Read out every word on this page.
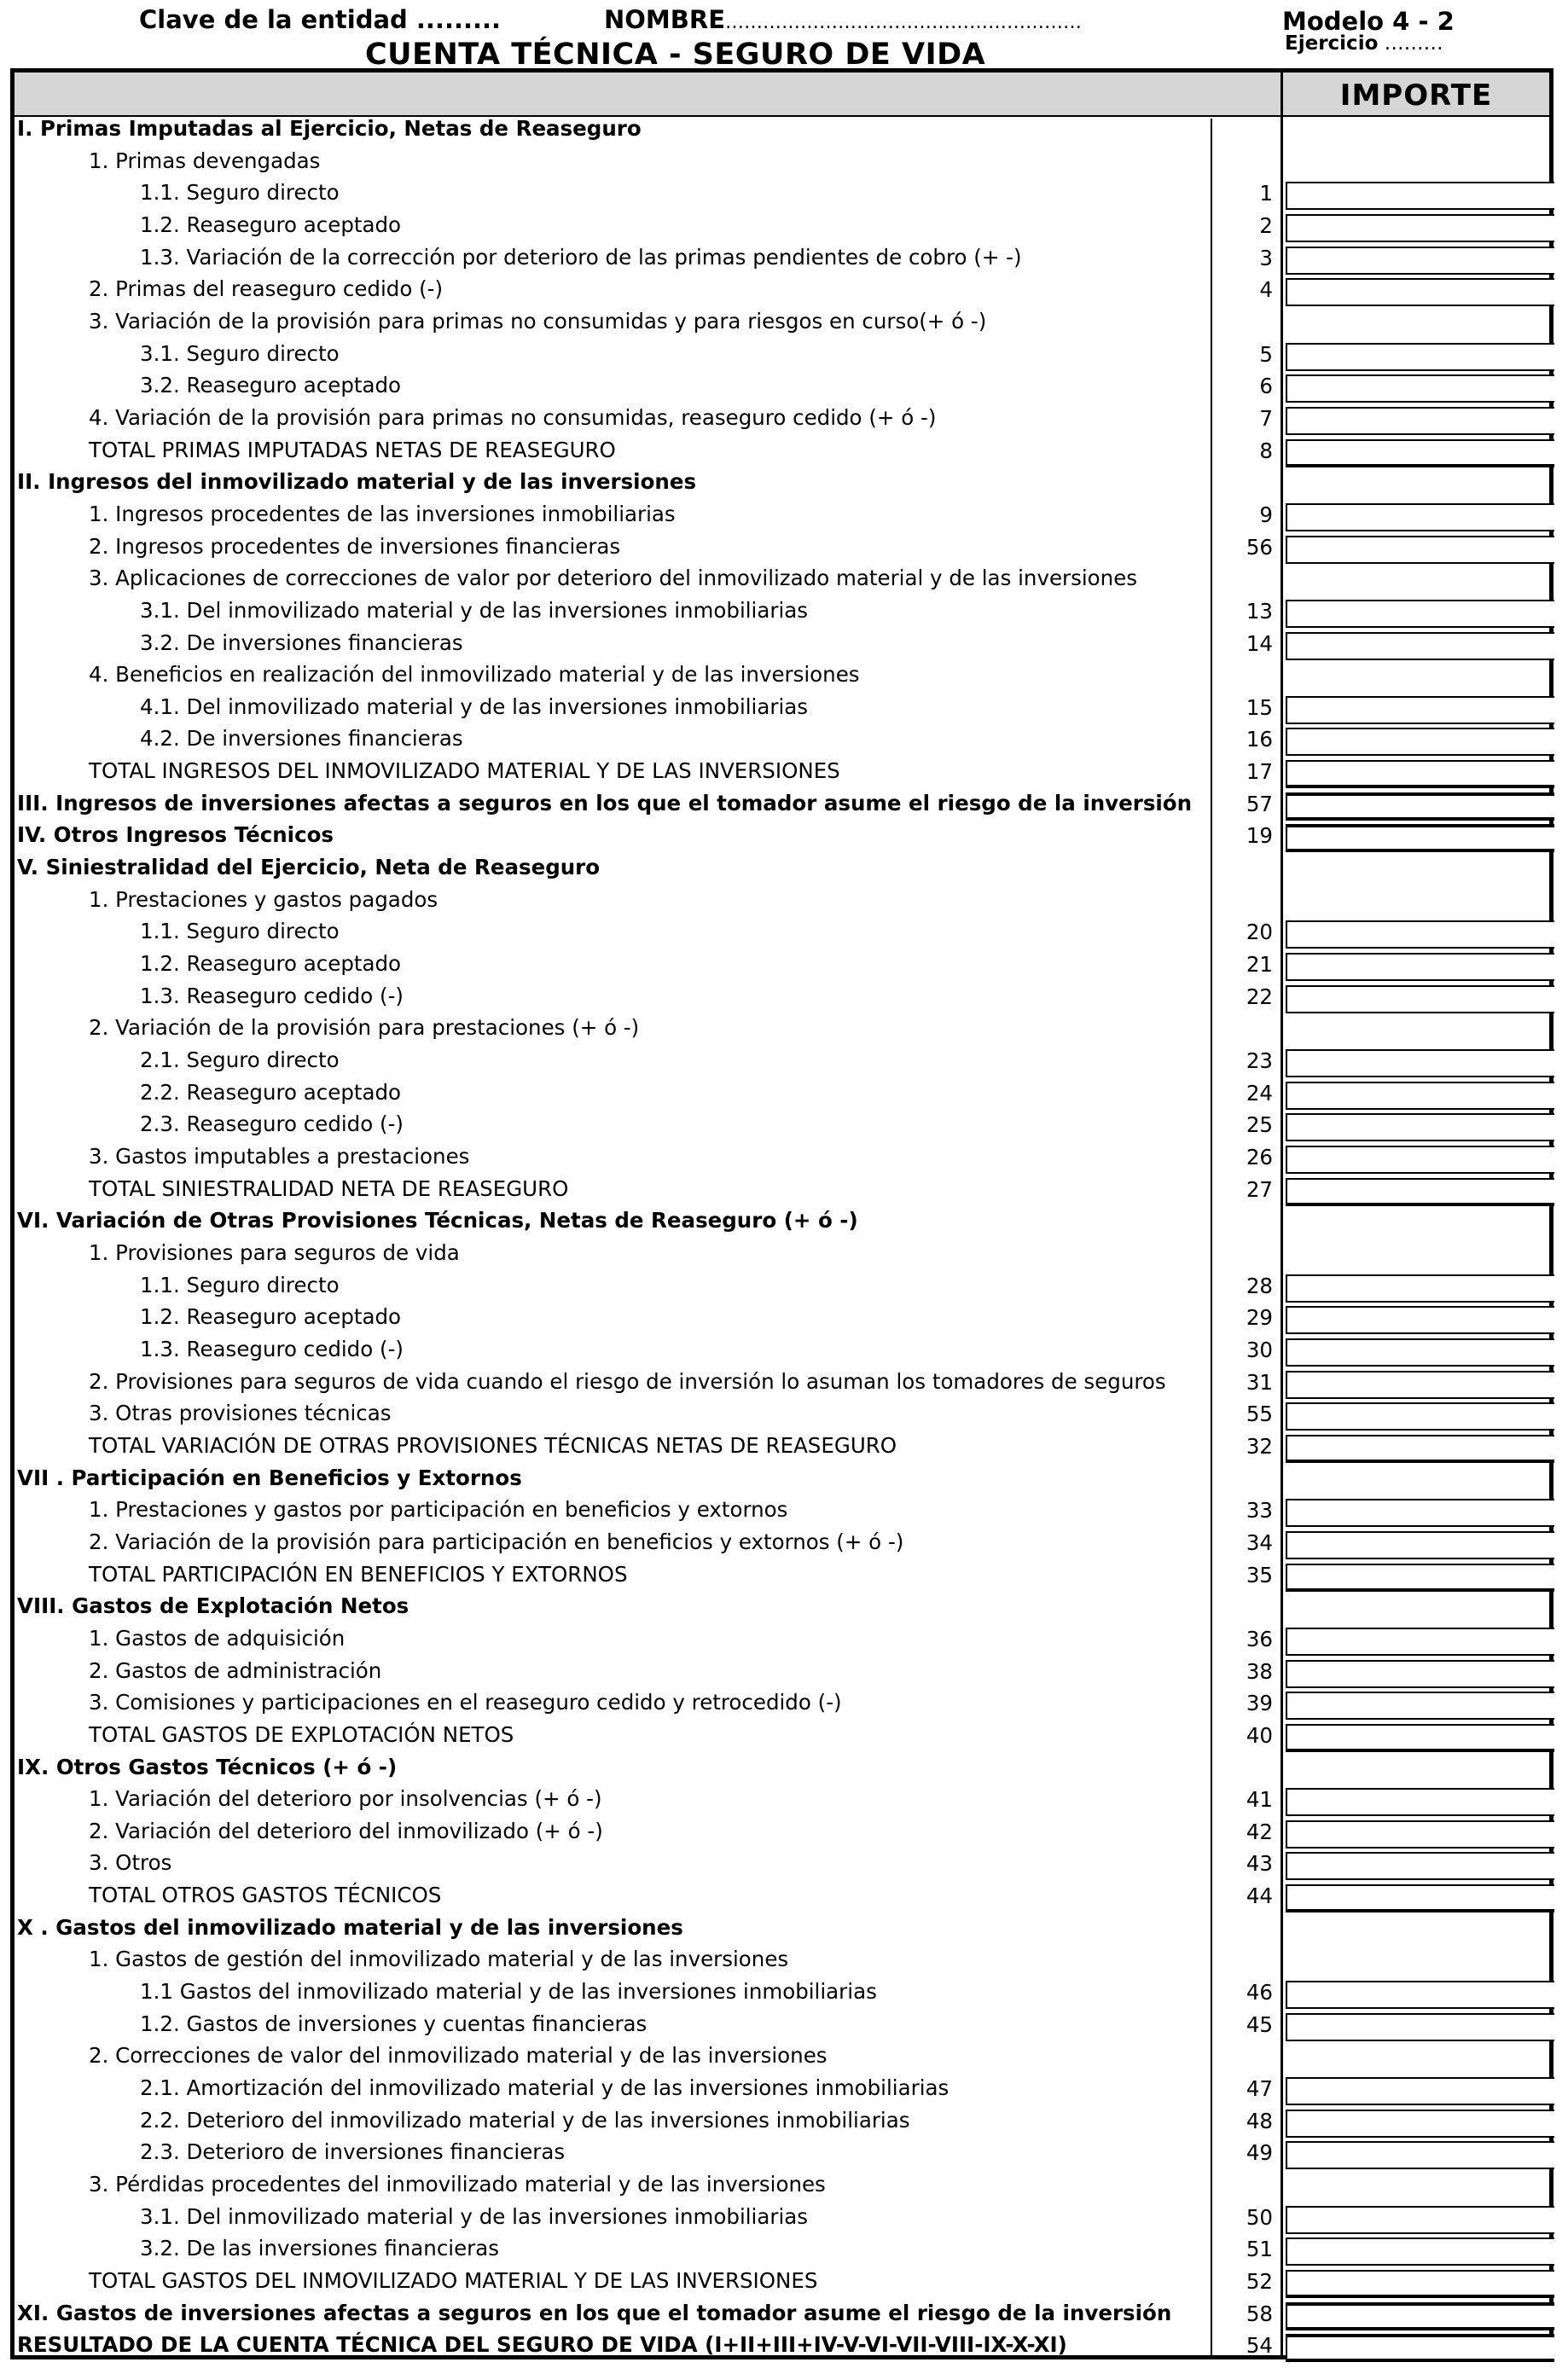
Clave de la entidad .........	NOMBRE…………………………………………………	Modelo 4 - 2
CUENTA TÉCNICA - SEGURO DE VIDA	Ejercicio ………
IMPORTE
I. Primas Imputadas al Ejercicio, Netas de Reaseguro
1. Primas devengadas
1.1. Seguro directo	1
1.2. Reaseguro aceptado	2
1.3. Variación de la corrección por deterioro de las primas pendientes de cobro (+ -)	3
2. Primas del reaseguro cedido (-)	4
3. Variación de la provisión para primas no consumidas y para riesgos en curso(+ ó -)
3.1. Seguro directo	5
3.2. Reaseguro aceptado	6
4. Variación de la provisión para primas no consumidas, reaseguro cedido (+ ó -)	7
TOTAL PRIMAS IMPUTADAS NETAS DE REASEGURO	8
II. Ingresos del inmovilizado material y de las inversiones
1. Ingresos procedentes de las inversiones inmobiliarias	9
2. Ingresos procedentes de inversiones financieras	56
3. Aplicaciones de correcciones de valor por deterioro del inmovilizado material y de las inversiones
3.1. Del inmovilizado material y de las inversiones inmobiliarias	13
3.2. De inversiones financieras	14
4. Beneficios en realización del inmovilizado material y de las inversiones
4.1. Del inmovilizado material y de las inversiones inmobiliarias	15
4.2. De inversiones financieras	16
TOTAL INGRESOS DEL INMOVILIZADO MATERIAL Y DE LAS INVERSIONES	17
III. Ingresos de inversiones afectas a seguros en los que el tomador asume el riesgo de la inversión	57
IV. Otros Ingresos Técnicos	19
V. Siniestralidad del Ejercicio, Neta de Reaseguro
1. Prestaciones y gastos pagados
1.1. Seguro directo	20
1.2. Reaseguro aceptado	21
1.3. Reaseguro cedido (-)	22
2. Variación de la provisión para prestaciones (+ ó -)
2.1. Seguro directo	23
2.2. Reaseguro aceptado	24
2.3. Reaseguro cedido (-)	25
3. Gastos imputables a prestaciones	26
TOTAL SINIESTRALIDAD NETA DE REASEGURO	27
VI. Variación de Otras Provisiones Técnicas, Netas de Reaseguro (+ ó -)
1. Provisiones para seguros de vida
1.1. Seguro directo	28
1.2. Reaseguro aceptado	29
1.3. Reaseguro cedido (-)	30
2. Provisiones para seguros de vida cuando el riesgo de inversión lo asuman los tomadores de seguros	31
3. Otras provisiones técnicas	55
TOTAL VARIACIÓN DE OTRAS PROVISIONES TÉCNICAS NETAS DE REASEGURO	32
VII . Participación en Beneficios y Extornos
1. Prestaciones y gastos por participación en beneficios y extornos	33
2. Variación de la provisión para participación en beneficios y extornos (+ ó -)	34
TOTAL PARTICIPACIÓN EN BENEFICIOS Y EXTORNOS	35
VIII. Gastos de Explotación Netos
1. Gastos de adquisición	36
2. Gastos de administración	38
3. Comisiones y participaciones en el reaseguro cedido y retrocedido (-)	39
TOTAL GASTOS DE EXPLOTACIÓN NETOS	40
IX. Otros Gastos Técnicos (+ ó -)
1. Variación del deterioro por insolvencias (+ ó -)	41
2. Variación del deterioro del inmovilizado (+ ó -)	42
3. Otros	43
TOTAL OTROS GASTOS TÉCNICOS	44
X . Gastos del inmovilizado material y de las inversiones
1. Gastos de gestión del inmovilizado material y de las inversiones
1.1 Gastos del inmovilizado material y de las inversiones inmobiliarias	46
1.2. Gastos de inversiones y cuentas financieras	45
2. Correcciones de valor del inmovilizado material y de las inversiones
2.1. Amortización del inmovilizado material y de las inversiones inmobiliarias	47
2.2. Deterioro del inmovilizado material y de las inversiones inmobiliarias	48
2.3. Deterioro de inversiones financieras	49
3. Pérdidas procedentes del inmovilizado material y de las inversiones
3.1. Del inmovilizado material y de las inversiones inmobiliarias	50
3.2. De las inversiones financieras	51
TOTAL GASTOS DEL INMOVILIZADO MATERIAL Y DE LAS INVERSIONES	52
XI. Gastos de inversiones afectas a seguros en los que el tomador asume el riesgo de la inversión	58
RESULTADO DE LA CUENTA TÉCNICA DEL SEGURO DE VIDA (I+II+III+IV-V-VI-VII-VIII-IX-X-XI)	54
